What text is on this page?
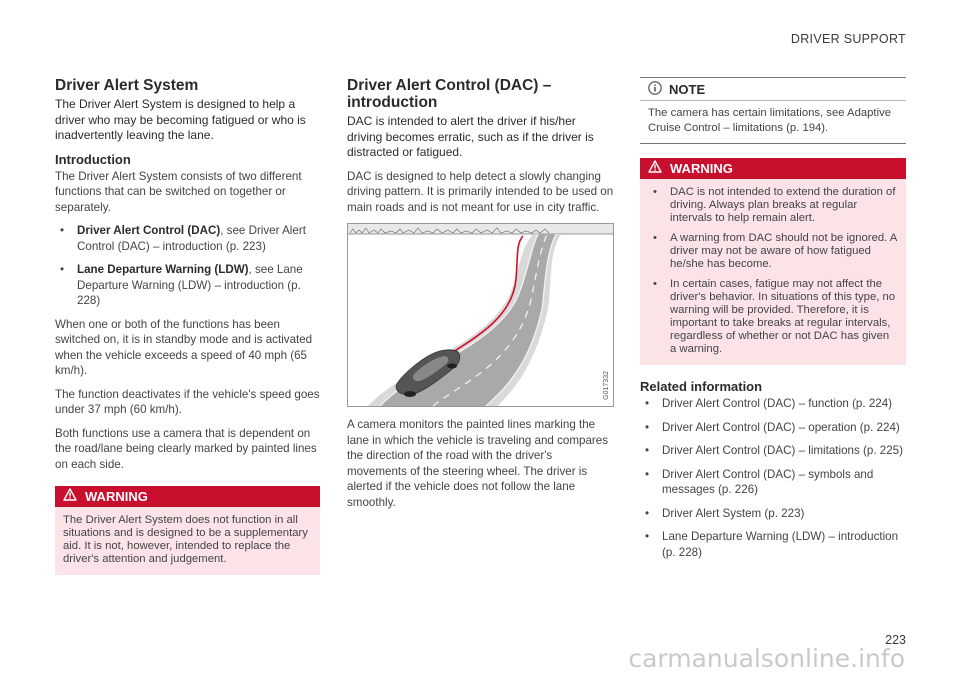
DRIVER SUPPORT
Driver Alert System

The Driver Alert System is designed to help a driver who may be becoming fatigued or who is inadvertently leaving the lane.

Introduction

The Driver Alert System consists of two different functions that can be switched on together or separately.

• Driver Alert Control (DAC), see Driver Alert Control (DAC) – introduction (p. 223)
• Lane Departure Warning (LDW), see Lane Departure Warning (LDW) – introduction (p. 228)

When one or both of the functions has been switched on, it is in standby mode and is activated when the vehicle exceeds a speed of 40 mph (65 km/h).

The function deactivates if the vehicle's speed goes under 37 mph (60 km/h).

Both functions use a camera that is dependent on the road/lane being clearly marked by painted lines on each side.

WARNING

The Driver Alert System does not function in all situations and is designed to be a supplementary aid. It is not, however, intended to replace the driver's attention and judgement.

Driver Alert Control (DAC) – introduction

DAC is intended to alert the driver if his/her driving becomes erratic, such as if the driver is distracted or fatigued.

DAC is designed to help detect a slowly changing driving pattern. It is primarily intended to be used on main roads and is not meant for use in city traffic.

G017332

A camera monitors the painted lines marking the lane in which the vehicle is traveling and compares the direction of the road with the driver's movements of the steering wheel. The driver is alerted if the vehicle does not follow the lane smoothly.

NOTE

The camera has certain limitations, see Adaptive Cruise Control – limitations (p. 194).

WARNING
• DAC is not intended to extend the duration of driving. Always plan breaks at regular intervals to help remain alert.
• A warning from DAC should not be ignored. A driver may not be aware of how fatigued he/she has become.
• In certain cases, fatigue may not affect the driver's behavior. In situations of this type, no warning will be provided. Therefore, it is important to take breaks at regular intervals, regardless of whether or not DAC has given a warning.
Related information
• Driver Alert Control (DAC) – function (p. 224)
• Driver Alert Control (DAC) – operation (p. 224)
• Driver Alert Control (DAC) – limitations (p. 225)
• Driver Alert Control (DAC) – symbols and messages (p. 226)
• Driver Alert System (p. 223)
• Lane Departure Warning (LDW) – introduction (p. 228)
223
carmanualsonline.info
